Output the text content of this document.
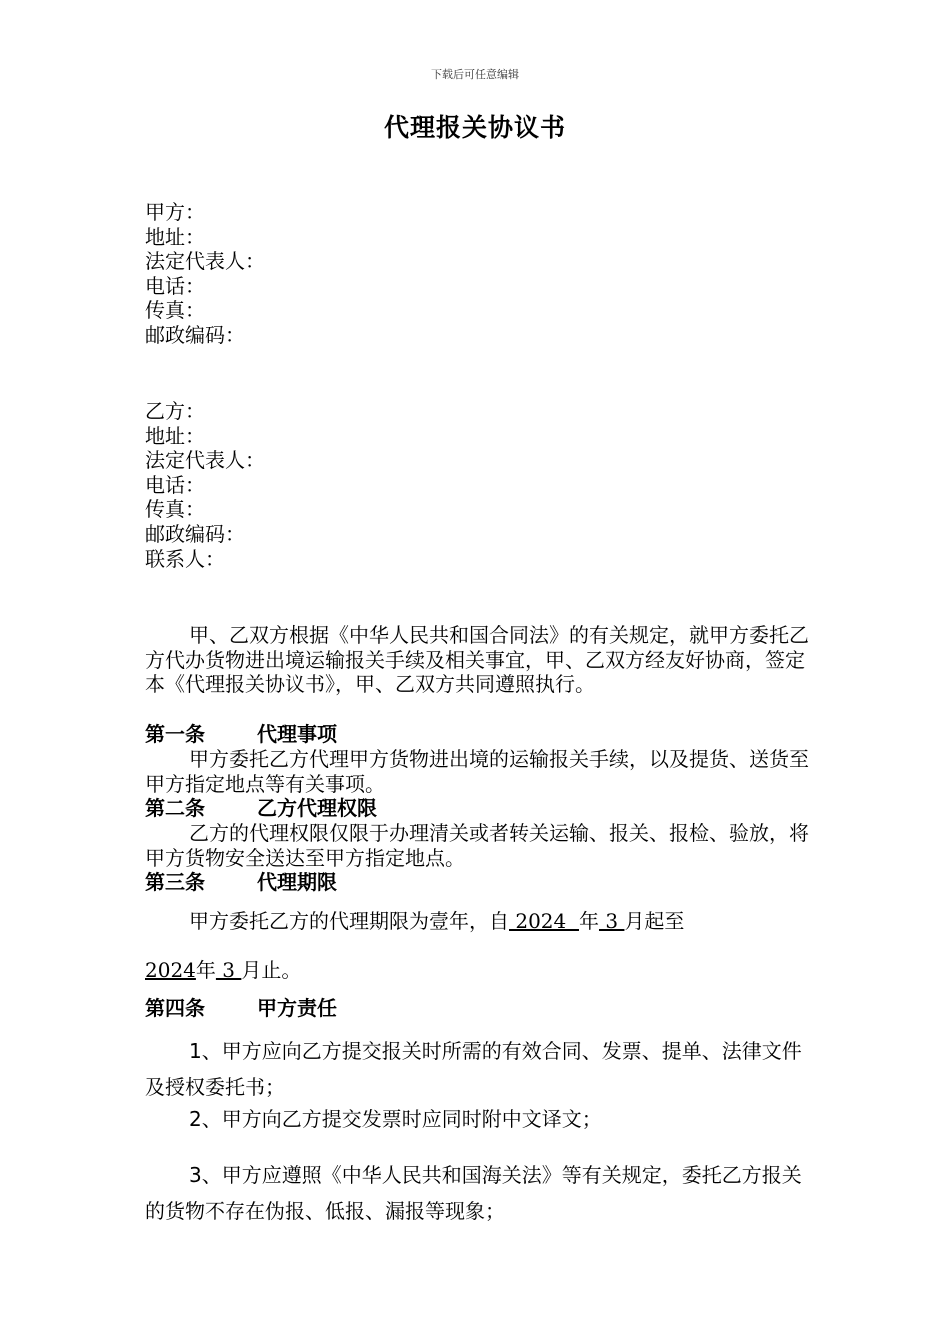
下载后可任意编辑
代理报关协议书
甲方：
地址：
法定代表人：
电话：
传真：
邮政编码：
乙方：
地址：
法定代表人：
电话：
传真：
邮政编码：
联系人：
甲、乙双方根据《中华人民共和国合同法》的有关规定，就甲方委托乙方代办货物进出境运输报关手续及相关事宜，甲、乙双方经友好协商，签定本《代理报关协议书》，甲、乙双方共同遵照执行。
第一条	代理事项
甲方委托乙方代理甲方货物进出境的运输报关手续，以及提货、送货至甲方指定地点等有关事项。
第二条	乙方代理权限
乙方的代理权限仅限于办理清关或者转关运输、报关、报检、验放，将甲方货物安全送达至甲方指定地点。
第三条	代理期限
甲方委托乙方的代理期限为壹年，自 2024  年 3 月起至
2024年 3 月止。
第四条	甲方责任
1、甲方应向乙方提交报关时所需的有效合同、发票、提单、法律文件及授权委托书；
2、甲方向乙方提交发票时应同时附中文译文；
3、甲方应遵照《中华人民共和国海关法》等有关规定，委托乙方报关的货物不存在伪报、低报、漏报等现象；
